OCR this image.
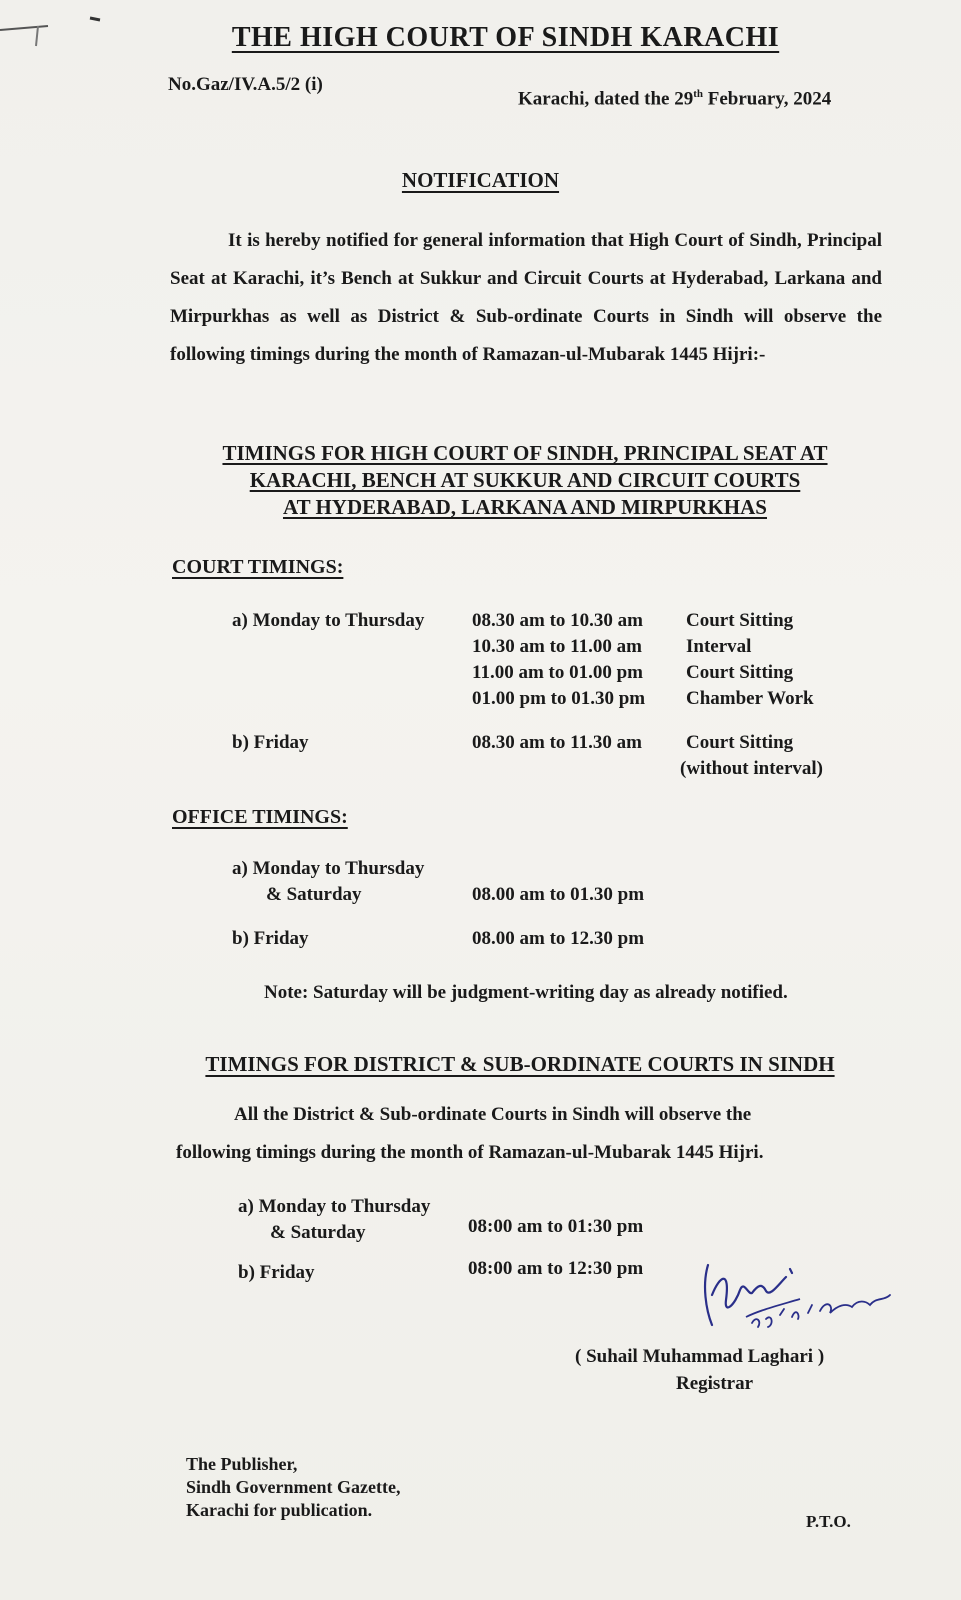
THE HIGH COURT OF SINDH KARACHI
No.Gaz/IV.A.5/2 (i)
Karachi, dated the 29th February, 2024
NOTIFICATION
It is hereby notified for general information that High Court of Sindh, Principal Seat at Karachi, it’s Bench at Sukkur and Circuit Courts at Hyderabad, Larkana and Mirpurkhas as well as District & Sub-ordinate Courts in Sindh will observe the following timings during the month of Ramazan-ul-Mubarak 1445 Hijri:-
TIMINGS FOR HIGH COURT OF SINDH, PRINCIPAL SEAT AT
KARACHI, BENCH AT SUKKUR AND CIRCUIT COURTS
AT HYDERABAD, LARKANA AND MIRPURKHAS
COURT TIMINGS:
a) Monday to Thursday	08.30 am to 10.30 am Court Sitting
10.30 am to 11.00 am Interval
11.00 am to 01.00 pm Court Sitting
01.00 pm to 01.30 pm Chamber Work
b) Friday	08.30 am to 11.30 am Court Sitting
(without interval)
OFFICE TIMINGS:
a) Monday to Thursday
& Saturday	08.00 am to 01.30 pm
b) Friday	08.00 am to 12.30 pm
Note: Saturday will be judgment-writing day as already notified.
TIMINGS FOR DISTRICT & SUB-ORDINATE COURTS IN SINDH
All the District & Sub-ordinate Courts in Sindh will observe the
following timings during the month of Ramazan-ul-Mubarak 1445 Hijri.
a) Monday to Thursday
& Saturday	08:00 am to 01:30 pm
b) Friday	08:00 am to 12:30 pm
( Suhail Muhammad Laghari )
Registrar
The Publisher,
Sindh Government Gazette,
Karachi for publication.
P.T.O.
